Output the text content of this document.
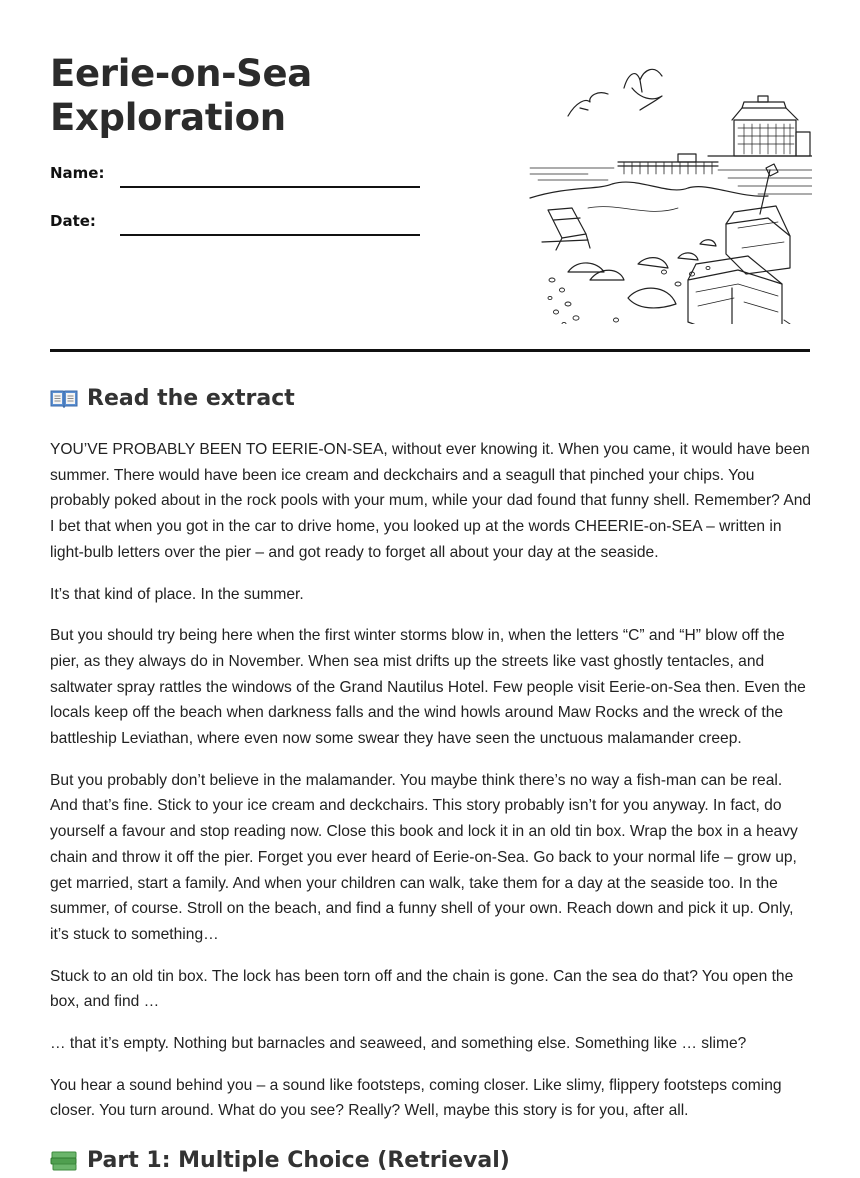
Eerie-on-Sea
Exploration
Name:
Date:
Read the extract

YOU’VE PROBABLY BEEN TO EERIE-ON-SEA, without ever knowing it. When you came, it would have been summer. There would have been ice cream and deckchairs and a seagull that pinched your chips. You probably poked about in the rock pools with your mum, while your dad found that funny shell. Remember? And I bet that when you got in the car to drive home, you looked up at the words CHEERIE-on-SEA – written in light-bulb letters over the pier – and got ready to forget all about your day at the seaside.

It’s that kind of place. In the summer.

But you should try being here when the first winter storms blow in, when the letters “C” and “H” blow off the pier, as they always do in November. When sea mist drifts up the streets like vast ghostly tentacles, and saltwater spray rattles the windows of the Grand Nautilus Hotel. Few people visit Eerie-on-Sea then. Even the locals keep off the beach when darkness falls and the wind howls around Maw Rocks and the wreck of the battleship Leviathan, where even now some swear they have seen the unctuous malamander creep.

But you probably don’t believe in the malamander. You maybe think there’s no way a fish-man can be real. And that’s fine. Stick to your ice cream and deckchairs. This story probably isn’t for you anyway. In fact, do yourself a favour and stop reading now. Close this book and lock it in an old tin box. Wrap the box in a heavy chain and throw it off the pier. Forget you ever heard of Eerie-on-Sea. Go back to your normal life – grow up, get married, start a family. And when your children can walk, take them for a day at the seaside too. In the summer, of course. Stroll on the beach, and find a funny shell of your own. Reach down and pick it up. Only, it’s stuck to something…

Stuck to an old tin box. The lock has been torn off and the chain is gone. Can the sea do that? You open the box, and find …

… that it’s empty. Nothing but barnacles and seaweed, and something else. Something like … slime?

You hear a sound behind you – a sound like footsteps, coming closer. Like slimy, flippery footsteps coming closer. You turn around. What do you see? Really? Well, maybe this story is for you, after all.

Part 1: Multiple Choice (Retrieval)
